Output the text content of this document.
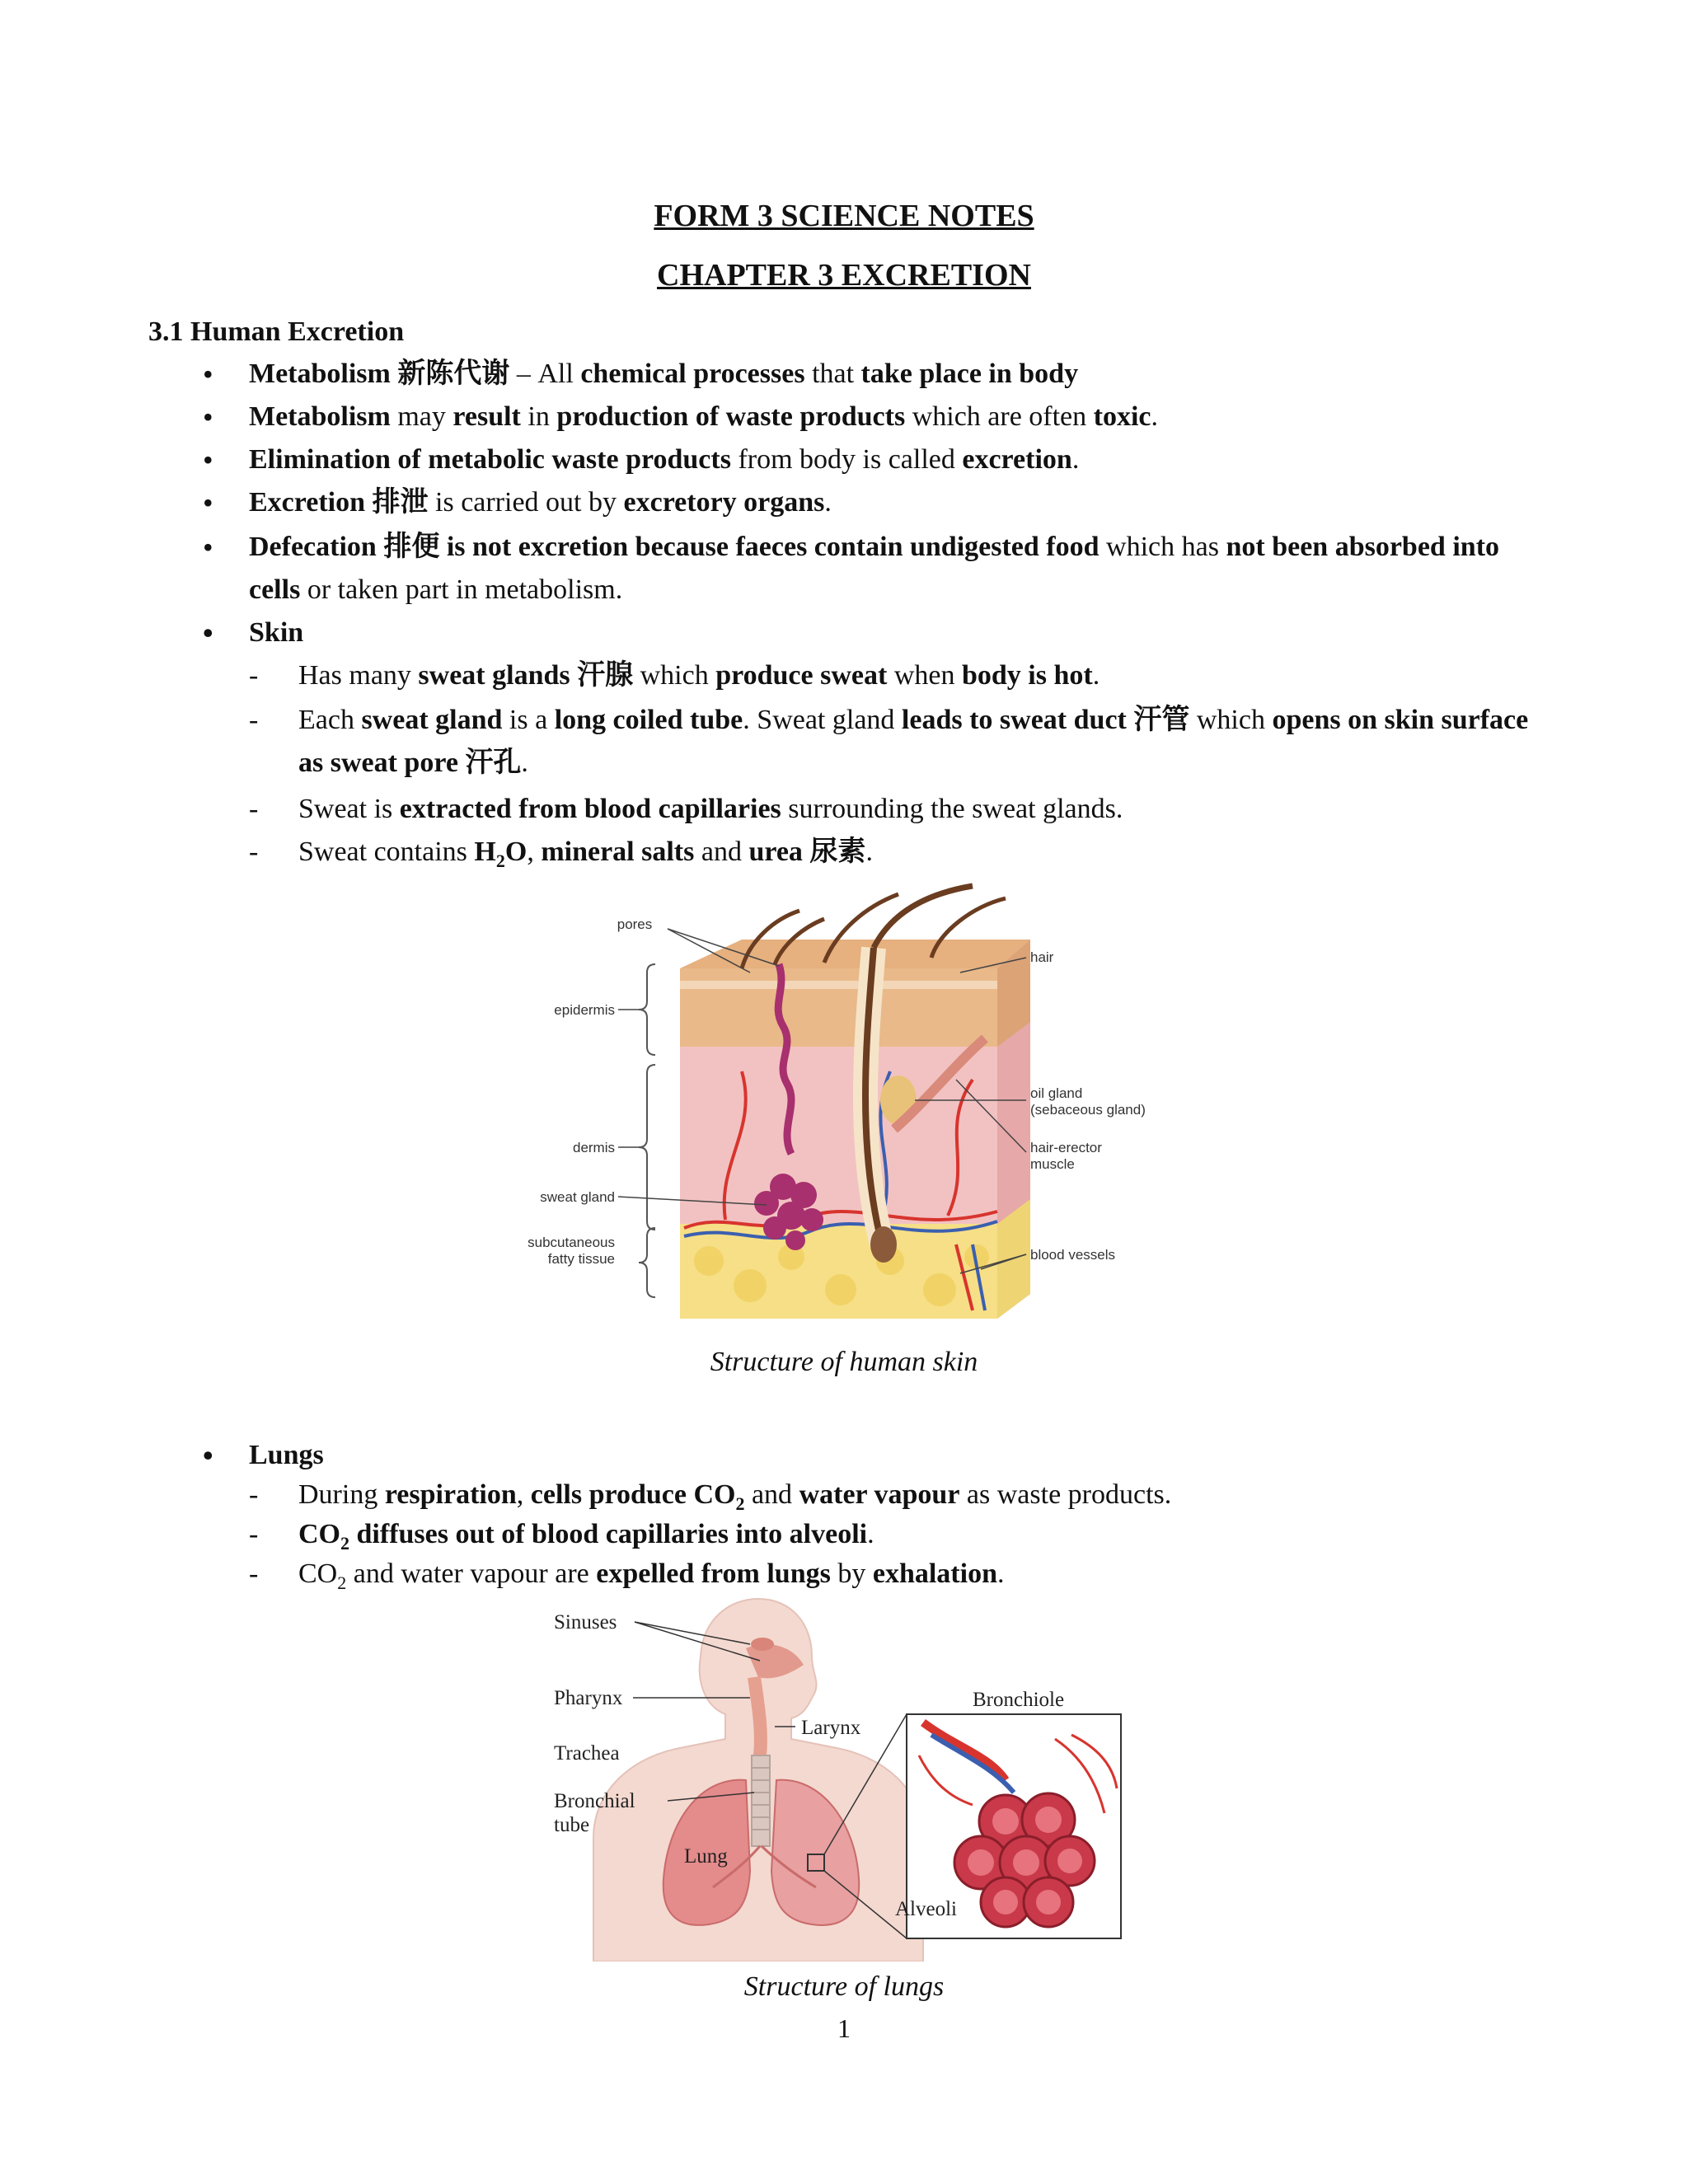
FORM 3 SCIENCE NOTES
CHAPTER 3 EXCRETION
3.1 Human Excretion
• Metabolism 新陈代谢 – All chemical processes that take place in body
• Metabolism may result in production of waste products which are often toxic.
• Elimination of metabolic waste products from body is called excretion.
• Excretion 排泄 is carried out by excretory organs.
• Defecation 排便 is not excretion because faeces contain undigested food which has not been absorbed into cells or taken part in metabolism.
• Skin
- Has many sweat glands 汗腺 which produce sweat when body is hot.
- Each sweat gland is a long coiled tube. Sweat gland leads to sweat duct 汗管 which opens on skin surface as sweat pore 汗孔.
- Sweat is extracted from blood capillaries surrounding the sweat glands.
- Sweat contains $H_2O$, mineral salts and urea 尿素.
pores
epidermis
dermis
sweat gland
subcutaneous
fatty tissue
hair
oil gland
(sebaceous gland)
hair-erector
muscle
blood vessels

Structure of human skin

• Lungs
- During respiration, cells produce $CO_2$ and water vapour as waste products.
- $CO_2$ diffuses out of blood capillaries into alveoli.
- $CO_2$ and water vapour are expelled from lungs by exhalation.
Sinuses
Pharynx
Larynx
Trachea
Bronchial
tube
Lung
Bronchiole
Alveoli

Structure of lungs

1
